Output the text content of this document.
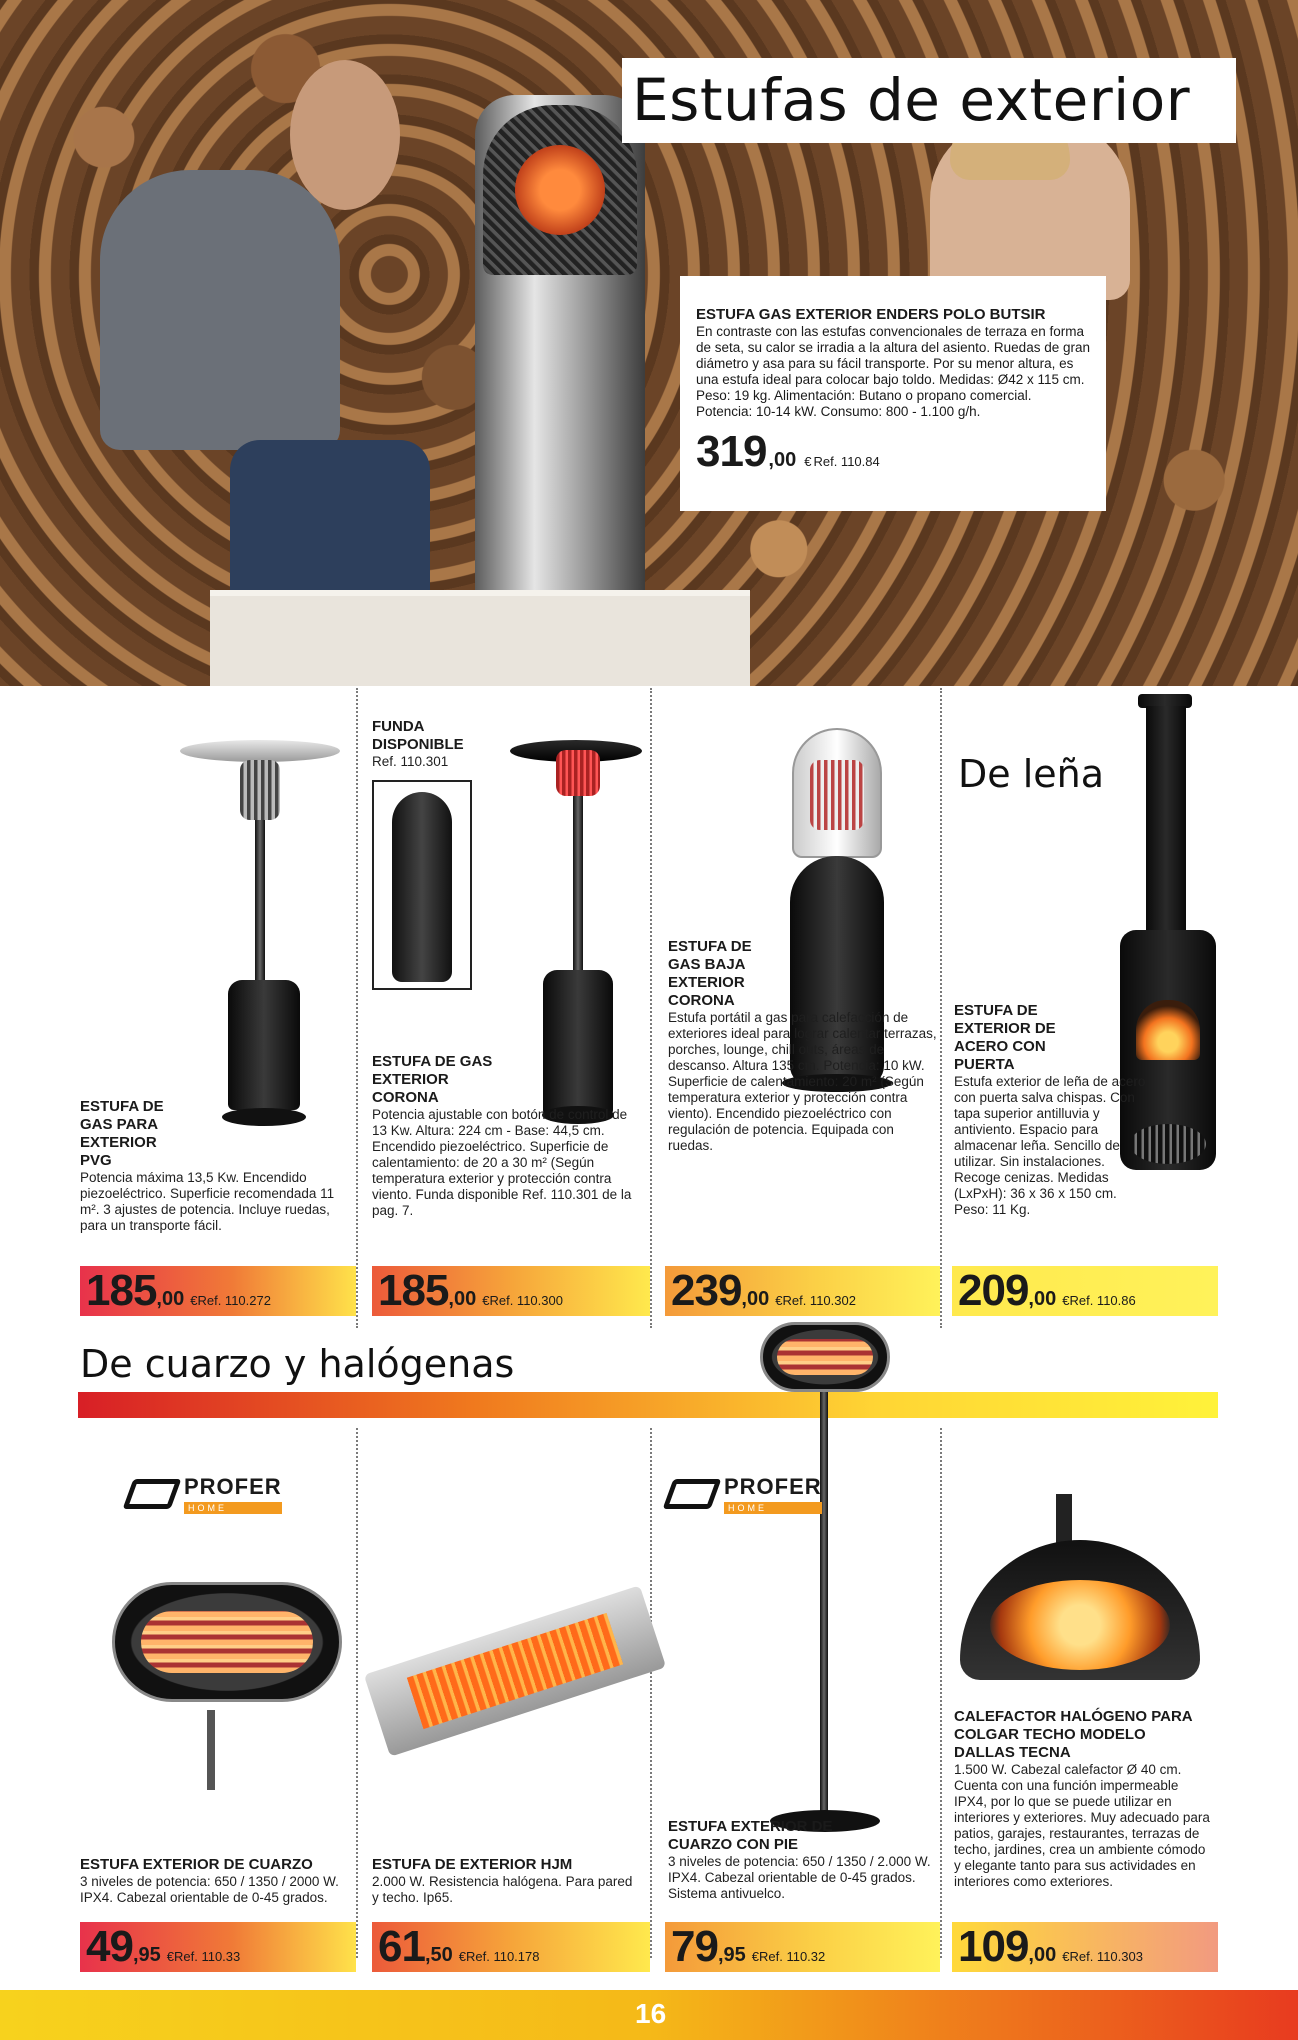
Estufas de exterior
ESTUFA GAS EXTERIOR ENDERS POLO BUTSIR
En contraste con las estufas convencionales de terraza en forma de seta, su calor se irradia a la altura del asiento. Ruedas de gran diámetro y asa para su fácil transporte. Por su menor altura, es una estufa ideal para colocar bajo toldo. Medidas: Ø42 x 115 cm. Peso: 19 kg. Alimentación: Butano o propano comercial. Potencia: 10-14 kW. Consumo: 800 - 1.100 g/h.
319 ,00 € Ref. 110.84
ESTUFA DE GAS PARA EXTERIOR PVG
Potencia máxima 13,5 Kw. Encendido piezoeléctrico. Superficie recomendada 11 m². 3 ajustes de potencia. Incluye ruedas, para un transporte fácil.
185 ,00 € Ref. 110.272
FUNDA DISPONIBLE
Ref. 110.301
ESTUFA DE GAS EXTERIOR CORONA
Potencia ajustable con botón de control de 13 Kw. Altura: 224 cm - Base: 44,5 cm. Encendido piezoeléctrico. Superficie de calentamiento: de 20 a 30 m² (Según temperatura exterior y protección contra viento. Funda disponible Ref. 110.301 de la pag. 7.
185 ,00 € Ref. 110.300
ESTUFA DE GAS BAJA EXTERIOR CORONA
Estufa portátil a gas para calefacción de exteriores ideal para lograr calentar terrazas, porches, lounge, chill outs, áreas de descanso. Altura 135 cm. Potencia: 10 kW. Superficie de calentamiento: 20 m² (Según temperatura exterior y protección contra viento). Encendido piezoeléctrico con regulación de potencia. Equipada con ruedas.
239 ,00 € Ref. 110.302
De leña
ESTUFA DE EXTERIOR DE ACERO CON PUERTA
Estufa exterior de leña de acero con puerta salva chispas. Con tapa superior antilluvia y antiviento. Espacio para almacenar leña. Sencillo de utilizar. Sin instalaciones. Recoge cenizas. Medidas (LxPxH): 36 x 36 x 150 cm. Peso: 11 Kg.
209 ,00 € Ref. 110.86
De cuarzo y halógenas
PROFER
HOME
ESTUFA EXTERIOR DE CUARZO
3 niveles de potencia: 650 / 1350 / 2000 W. IPX4. Cabezal orientable de 0-45 grados.
49 ,95 € Ref. 110.33
ESTUFA DE EXTERIOR HJM
2.000 W. Resistencia halógena. Para pared y techo. Ip65.
61 ,50 € Ref. 110.178
PROFER
HOME
ESTUFA EXTERIOR DE CUARZO CON PIE
3 niveles de potencia: 650 / 1350 / 2.000 W. IPX4. Cabezal orientable de 0-45 grados. Sistema antivuelco.
79 ,95 € Ref. 110.32
CALEFACTOR HALÓGENO PARA COLGAR TECHO MODELO DALLAS TECNA
1.500 W. Cabezal calefactor Ø 40 cm. Cuenta con una función impermeable IPX4, por lo que se puede utilizar en interiores y exteriores. Muy adecuado para patios, garajes, restaurantes, terrazas de techo, jardines, crea un ambiente cómodo y elegante tanto para sus actividades en interiores como exteriores.
109 ,00 € Ref. 110.303
16
